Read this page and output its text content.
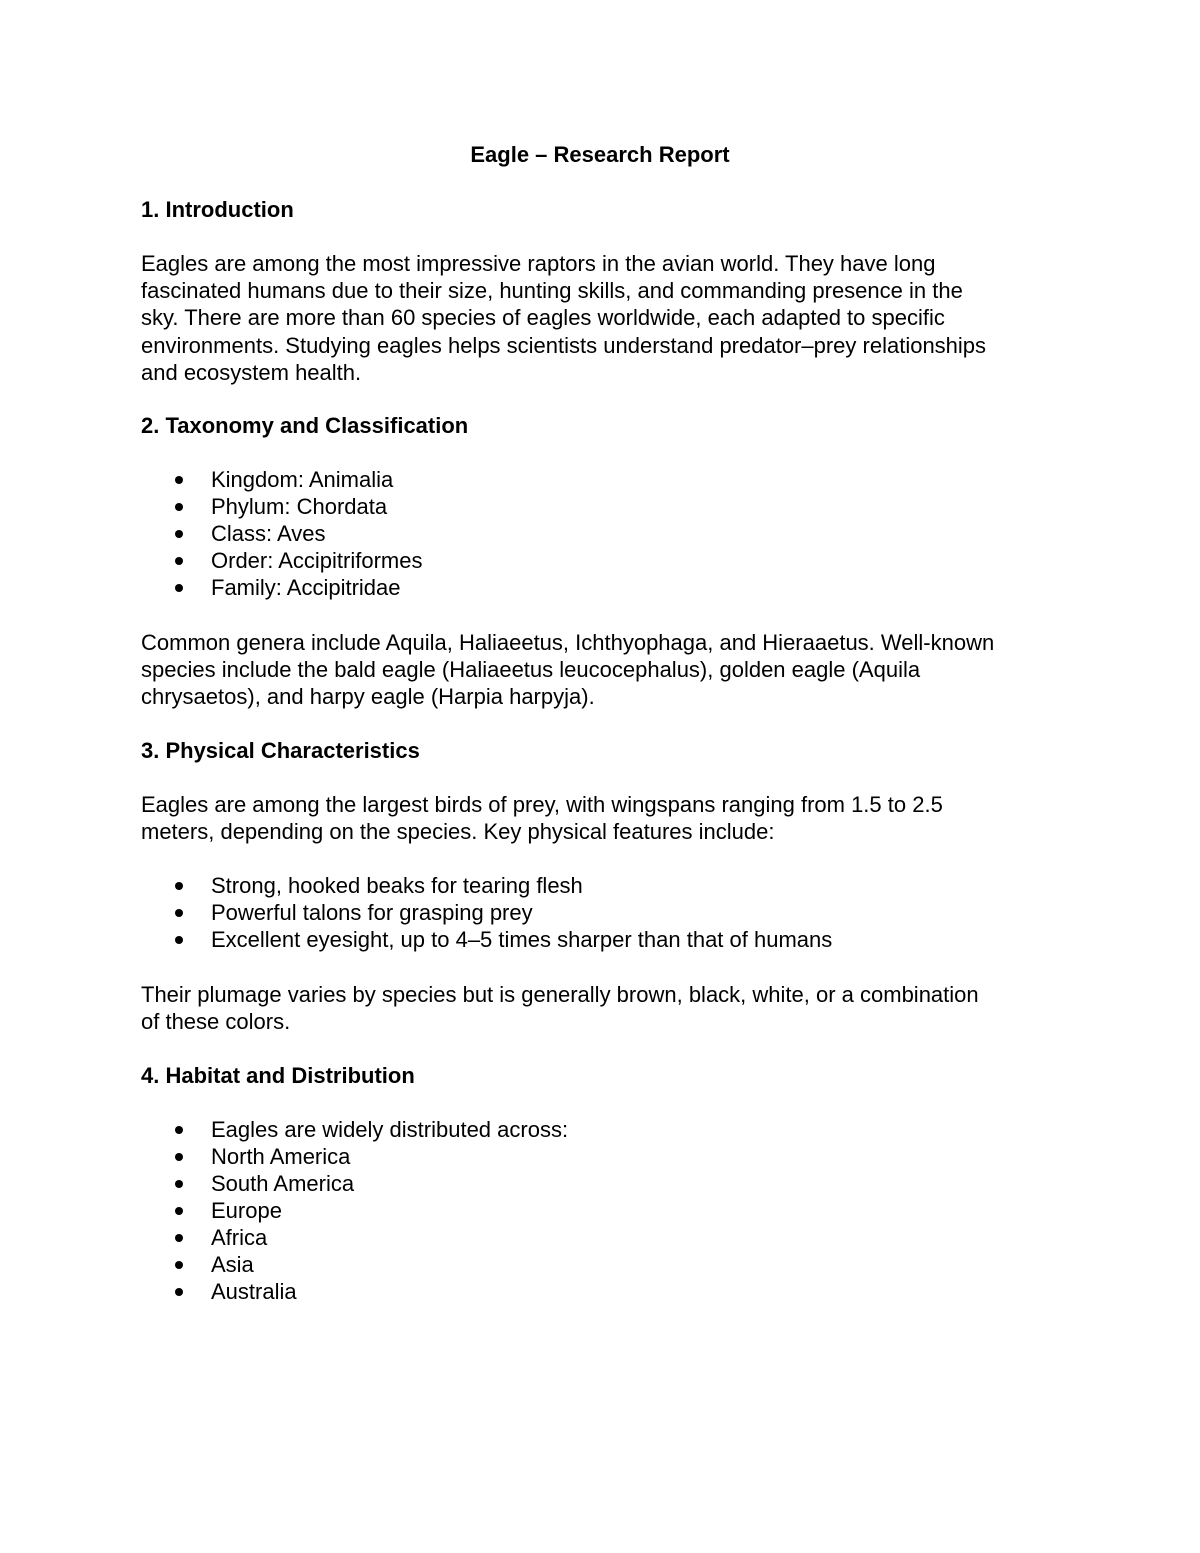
Eagle – Research Report
1. Introduction

Eagles are among the most impressive raptors in the avian world. They have long
fascinated humans due to their size, hunting skills, and commanding presence in the
sky. There are more than 60 species of eagles worldwide, each adapted to specific
environments. Studying eagles helps scientists understand predator–prey relationships
and ecosystem health.

2. Taxonomy and Classification
Kingdom: Animalia
Phylum: Chordata
Class: Aves
Order: Accipitriformes
Family: Accipitridae

Common genera include Aquila, Haliaeetus, Ichthyophaga, and Hieraaetus. Well-known
species include the bald eagle (Haliaeetus leucocephalus), golden eagle (Aquila
chrysaetos), and harpy eagle (Harpia harpyja).

3. Physical Characteristics

Eagles are among the largest birds of prey, with wingspans ranging from 1.5 to 2.5
meters, depending on the species. Key physical features include:

Strong, hooked beaks for tearing flesh
Powerful talons for grasping prey
Excellent eyesight, up to 4–5 times sharper than that of humans

Their plumage varies by species but is generally brown, black, white, or a combination
of these colors.

4. Habitat and Distribution
Eagles are widely distributed across:
North America
South America
Europe
Africa
Asia
Australia
